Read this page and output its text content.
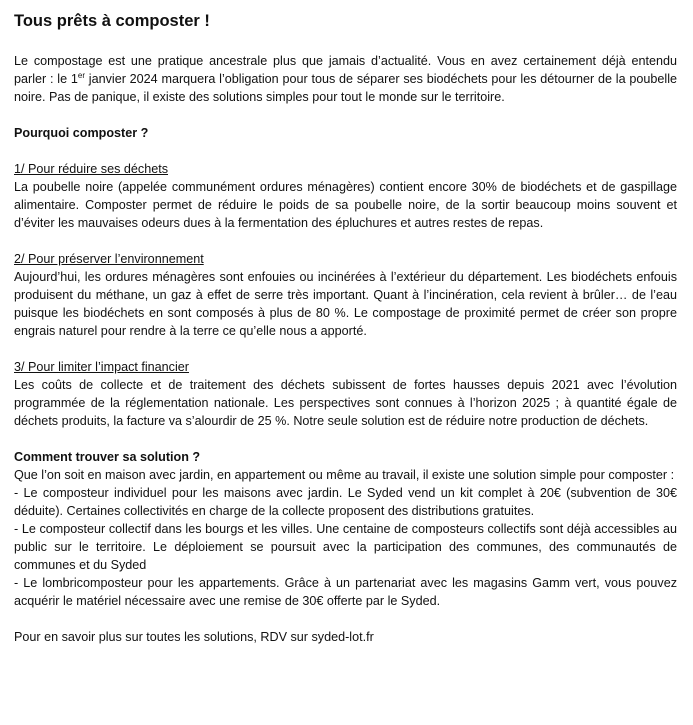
Tous prêts à composter !

Le compostage est une pratique ancestrale plus que jamais d’actualité. Vous en avez certainement déjà entendu parler : le 1er janvier 2024 marquera l’obligation pour tous de séparer ses biodéchets pour les détourner de la poubelle noire. Pas de panique, il existe des solutions simples pour tout le monde sur le territoire.

Pourquoi composter ?

1/ Pour réduire ses déchets

La poubelle noire (appelée communément ordures ménagères) contient encore 30% de biodéchets et de gaspillage alimentaire. Composter permet de réduire le poids de sa poubelle noire, de la sortir beaucoup moins souvent et d’éviter les mauvaises odeurs dues à la fermentation des épluchures et autres restes de repas.

2/ Pour préserver l’environnement

Aujourd’hui, les ordures ménagères sont enfouies ou incinérées à l’extérieur du département. Les biodéchets enfouis produisent du méthane, un gaz à effet de serre très important. Quant à l’incinération, cela revient à brûler… de l’eau puisque les biodéchets en sont composés à plus de 80 %. Le compostage de proximité permet de créer son propre engrais naturel pour rendre à la terre ce qu’elle nous a apporté.

3/ Pour limiter l’impact financier

Les coûts de collecte et de traitement des déchets subissent de fortes hausses depuis 2021 avec l’évolution programmée de la réglementation nationale. Les perspectives sont connues à l’horizon 2025 ; à quantité égale de déchets produits, la facture va s’alourdir de 25 %. Notre seule solution est de réduire notre production de déchets.

Comment trouver sa solution ?

Que l’on soit en maison avec jardin, en appartement ou même au travail, il existe une solution simple pour composter :

- Le composteur individuel pour les maisons avec jardin. Le Syded vend un kit complet à 20€ (subvention de 30€ déduite). Certaines collectivités en charge de la collecte proposent des distributions gratuites.

- Le composteur collectif dans les bourgs et les villes. Une centaine de composteurs collectifs sont déjà accessibles au public sur le territoire. Le déploiement se poursuit avec la participation des communes, des communautés de communes et du Syded

- Le lombricomposteur pour les appartements. Grâce à un partenariat avec les magasins Gamm vert, vous pouvez acquérir le matériel nécessaire avec une remise de 30€ offerte par le Syded.

Pour en savoir plus sur toutes les solutions, RDV sur syded-lot.fr
